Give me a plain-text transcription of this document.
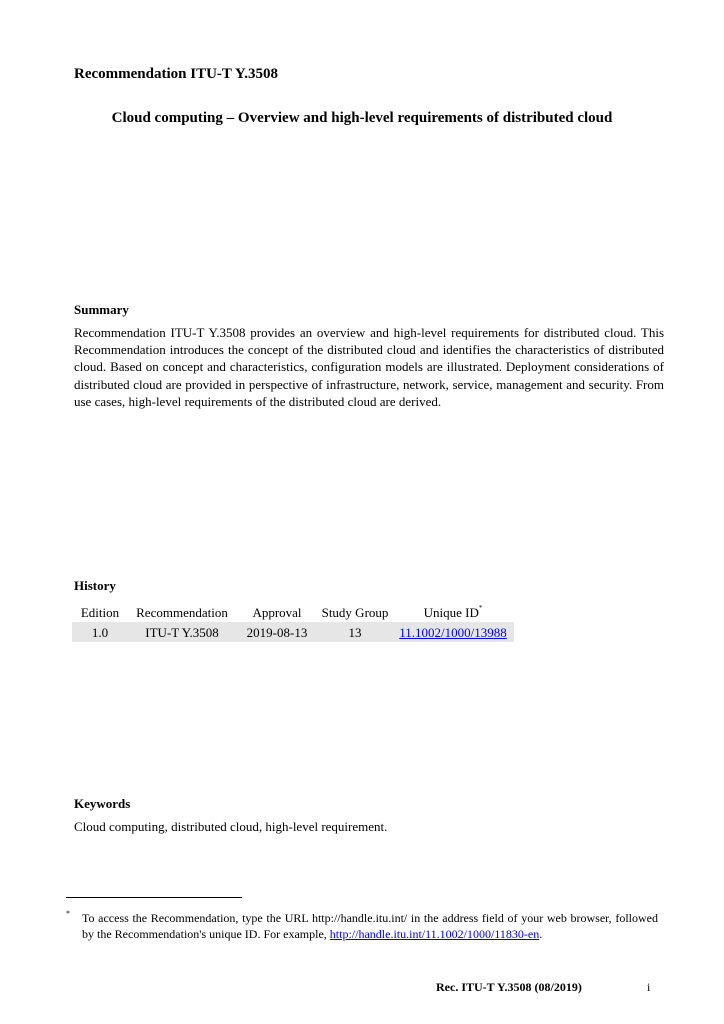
Recommendation ITU-T Y.3508
Cloud computing – Overview and high-level requirements of distributed cloud
Summary
Recommendation ITU-T Y.3508 provides an overview and high-level requirements for distributed cloud. This Recommendation introduces the concept of the distributed cloud and identifies the characteristics of distributed cloud. Based on concept and characteristics, configuration models are illustrated. Deployment considerations of distributed cloud are provided in perspective of infrastructure, network, service, management and security. From use cases, high-level requirements of the distributed cloud are derived.
History
Edition	Recommendation	Approval	Study Group	Unique ID*
1.0	ITU-T Y.3508	2019-08-13	13	11.1002/1000/13988
Keywords
Cloud computing, distributed cloud, high-level requirement.
* To access the Recommendation, type the URL http://handle.itu.int/ in the address field of your web browser, followed by the Recommendation's unique ID. For example, http://handle.itu.int/11.1002/1000/11830-en.
Rec. ITU-T Y.3508 (08/2019)	i
